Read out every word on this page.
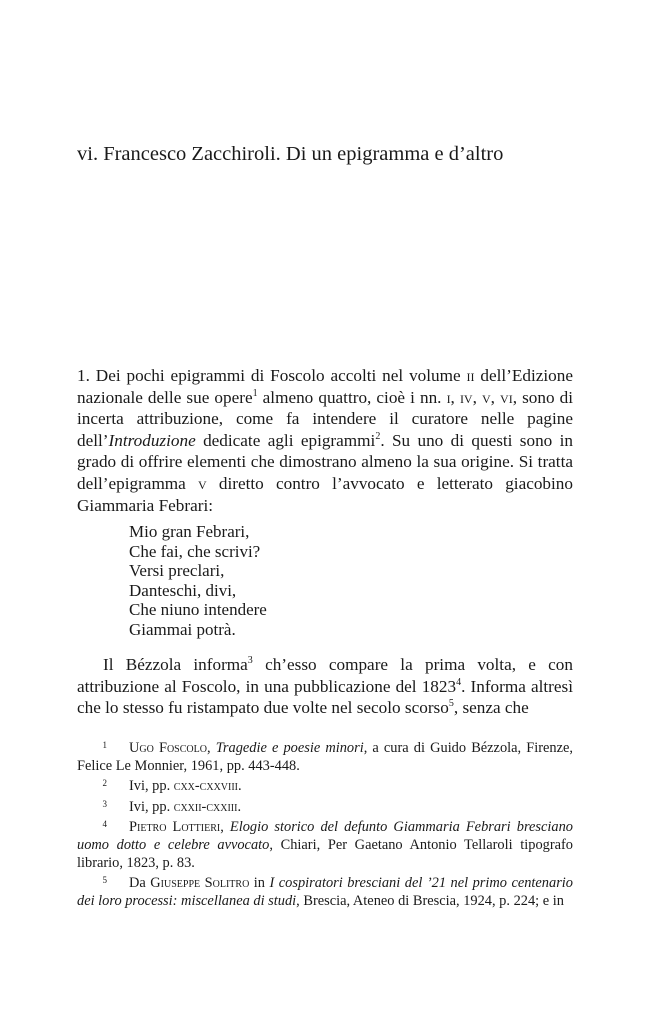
vi. Francesco Zacchiroli. Di un epigramma e d’altro

1. Dei pochi epigrammi di Foscolo accolti nel volume ii dell’Edizione nazionale delle sue opere$^1$ almeno quattro, cioè i nn. i, iv, v, vi, sono di incerta attribuzione, come fa intendere il curatore nelle pagine dell’Introduzione dedicate agli epigrammi$^2$. Su uno di questi sono in grado di offrire elementi che dimostrano almeno la sua origine. Si tratta dell’epigramma v diretto contro l’avvocato e letterato giacobino Giammaria Febrari:

Mio gran Febrari,
Che fai, che scrivi?
Versi preclari,
Danteschi, divi,
Che niuno intendere
Giammai potrà.

Il Bézzola informa$^3$ ch’esso compare la prima volta, e con attribuzione al Foscolo, in una pubblicazione del 1823$^4$. Informa altresì che lo stesso fu ristampato due volte nel secolo scorso$^5$, senza che

1 Ugo Foscolo, Tragedie e poesie minori, a cura di Guido Bézzola, Firenze, Felice Le Monnier, 1961, pp. 443-448.

2 Ivi, pp. cxx-cxxviii.

3 Ivi, pp. cxxii-cxxiii.

4 Pietro Lottieri, Elogio storico del defunto Giammaria Febrari bresciano uomo dotto e celebre avvocato, Chiari, Per Gaetano Antonio Tellaroli tipografo librario, 1823, p. 83.

5 Da Giuseppe Solitro in I cospiratori bresciani del ’21 nel primo centenario dei loro processi: miscellanea di studi, Brescia, Ateneo di Brescia, 1924, p. 224; e in
